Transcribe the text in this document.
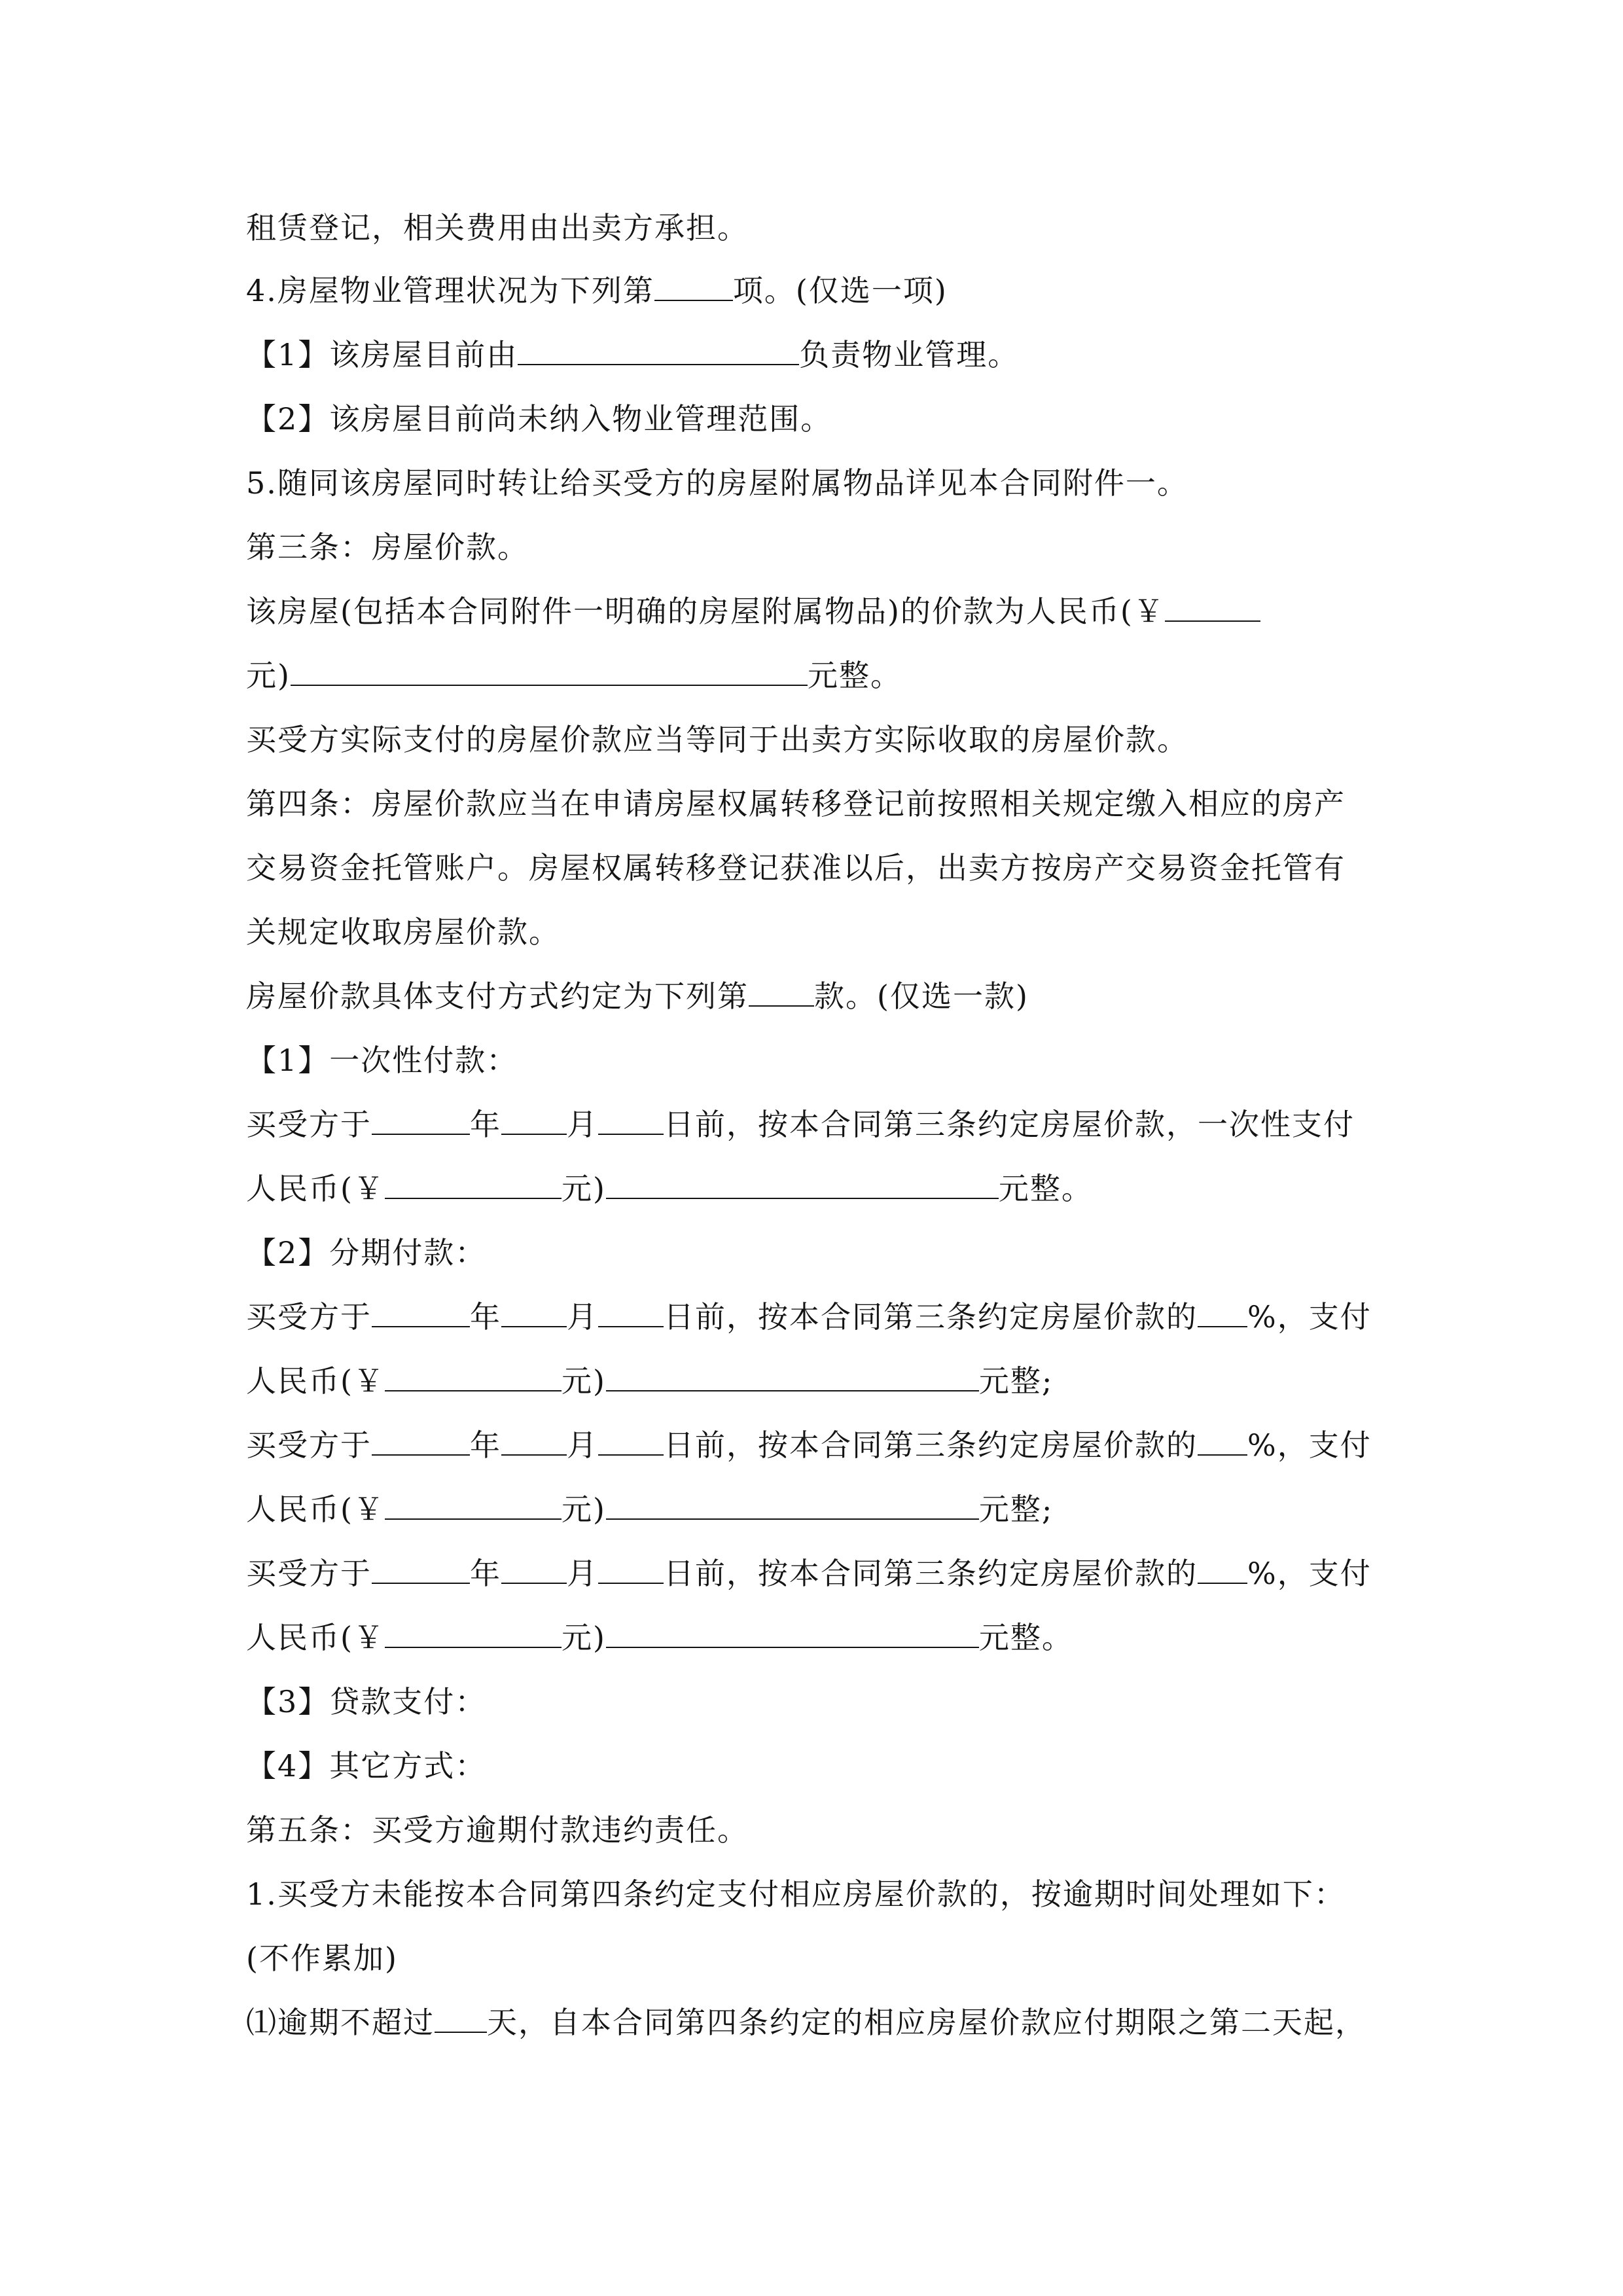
租赁登记，相关费用由出卖方承担。
4.房屋物业管理状况为下列第	项。(仅选一项)
【1】该房屋目前由	负责物业管理。
【2】该房屋目前尚未纳入物业管理范围。
5.随同该房屋同时转让给买受方的房屋附属物品详见本合同附件一。
第三条：房屋价款。
该房屋(包括本合同附件一明确的房屋附属物品)的价款为人民币(￥
元)	元整。
买受方实际支付的房屋价款应当等同于出卖方实际收取的房屋价款。
第四条：房屋价款应当在申请房屋权属转移登记前按照相关规定缴入相应的房产
交易资金托管账户。房屋权属转移登记获准以后，出卖方按房产交易资金托管有
关规定收取房屋价款。
房屋价款具体支付方式约定为下列第 款。(仅选一款)
【1】一次性付款：
买受方于	年 月 日前，按本合同第三条约定房屋价款，一次性支付
人民币(￥	元)	元整。
【2】分期付款：
买受方于	年 月 日前，按本合同第三条约定房屋价款的 %，支付
人民币(￥	元)	元整;
买受方于	年 月 日前，按本合同第三条约定房屋价款的 %，支付
人民币(￥	元)	元整;
买受方于	年 月 日前，按本合同第三条约定房屋价款的 %，支付
人民币(￥	元)	元整。
【3】贷款支付：
【4】其它方式：
第五条：买受方逾期付款违约责任。
1.买受方未能按本合同第四条约定支付相应房屋价款的，按逾期时间处理如下：
(不作累加)
⑴逾期不超过 天，自本合同第四条约定的相应房屋价款应付期限之第二天起，
